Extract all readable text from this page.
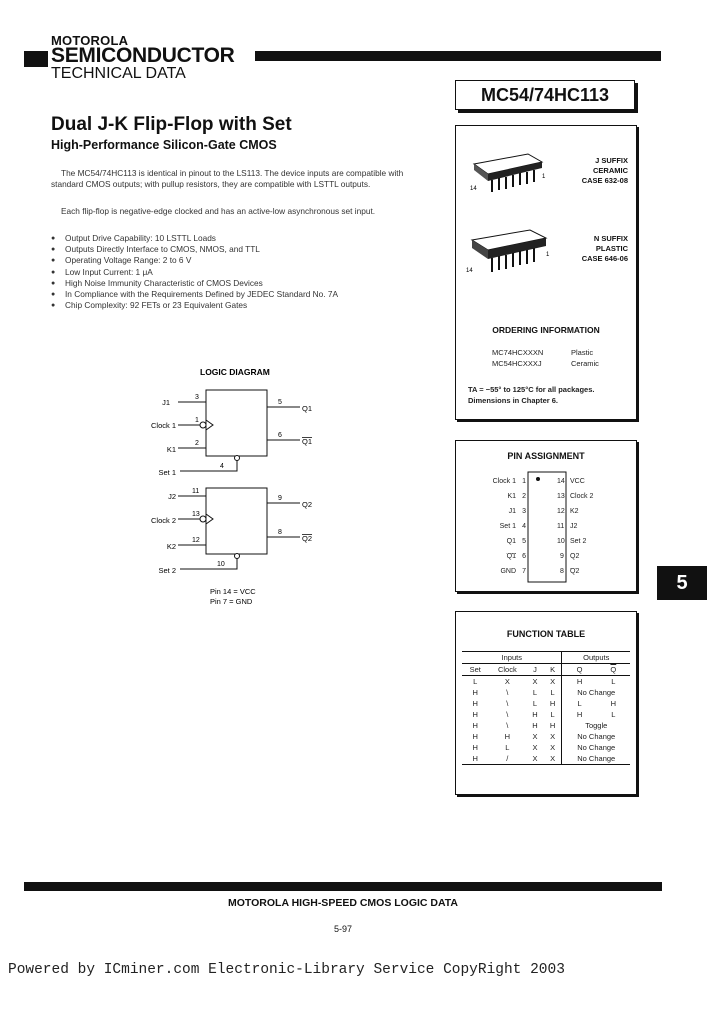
MOTOROLA
SEMICONDUCTOR
TECHNICAL DATA
MC54/74HC113
Dual J-K Flip-Flop with Set
High-Performance Silicon-Gate CMOS
The MC54/74HC113 is identical in pinout to the LS113. The device inputs are compatible with standard CMOS outputs; with pullup resistors, they are compatible with LSTTL outputs.
Each flip-flop is negative-edge clocked and has an active-low asynchronous set input.
● Output Drive Capability: 10 LSTTL Loads
● Outputs Directly Interface to CMOS, NMOS, and TTL
● Operating Voltage Range: 2 to 6 V
● Low Input Current: 1 μA
● High Noise Immunity Characteristic of CMOS Devices
● In Compliance with the Requirements Defined by JEDEC Standard No. 7A
● Chip Complexity: 92 FETs or 23 Equivalent Gates
LOGIC DIAGRAM
J1
Clock 1
K1
Set 1
Q1
Q1
3
1
2
4
5
6
J2
Clock 2
K2
Set 2
Q2
Q2
11
13
12
10
9
8
Pin 14 = VCC
Pin 7 = GND
14
1
J SUFFIX
CERAMIC
CASE 632-08
14
1
N SUFFIX
PLASTIC
CASE 646-06
ORDERING INFORMATION
MC74HCXXXN	Plastic
MC54HCXXXJ	Ceramic
TA = −55° to 125°C for all packages.
Dimensions in Chapter 6.
PIN ASSIGNMENT
Clock 1 1
K1 2
J1 3
Set 1 4
Q1 5
Q1 6
GND 7
14 VCC
13 Clock 2
12 K2
11 J2
10 Set 2
9 Q2
8 Q2
FUNCTION TABLE
Inputs				Outputs	
Set	Clock	J	K	Q	$\overline{Q}$
L	X	X	X	H	L
H	\	L	L	No Change	
H	\	L	H	L	H
H	\	H	L	H	L
H	\	H	H	Toggle	
H	H	X	X	No Change	
H	L	X	X	No Change	
H	/	X	X	No Change	
5
MOTOROLA HIGH-SPEED CMOS LOGIC DATA
5-97
Powered by ICminer.com Electronic-Library Service CopyRight 2003
